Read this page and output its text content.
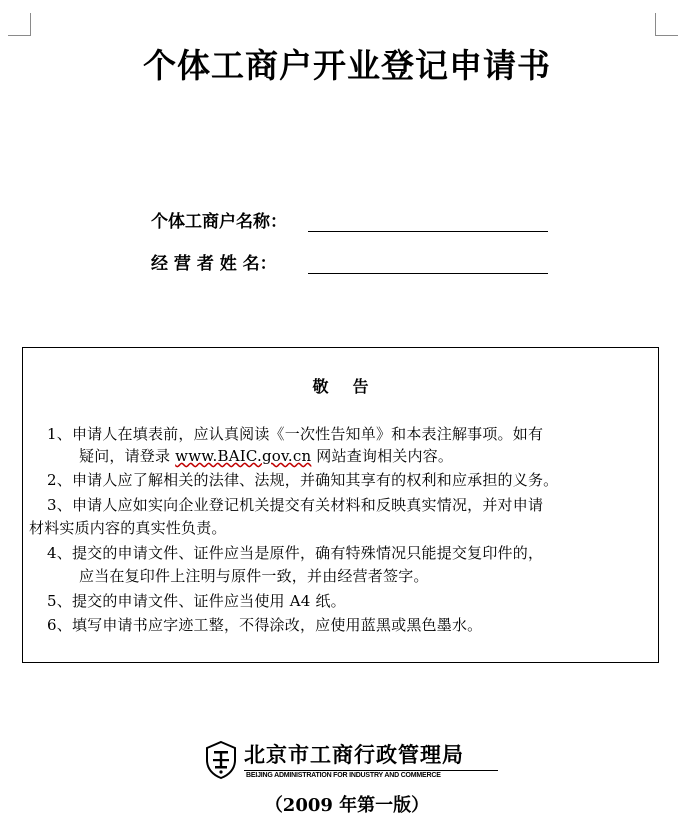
个体工商户开业登记申请书
个体工商户名称：
经 营 者 姓 名：
敬告
1、申请人在填表前，应认真阅读《一次性告知单》和本表注解事项。如有
疑问，请登录 www.BAIC.gov.cn 网站查询相关内容。
2、申请人应了解相关的法律、法规，并确知其享有的权利和应承担的义务。
3、申请人应如实向企业登记机关提交有关材料和反映真实情况，并对申请
材料实质内容的真实性负责。
4、提交的申请文件、证件应当是原件，确有特殊情况只能提交复印件的，
应当在复印件上注明与原件一致，并由经营者签字。
5、提交的申请文件、证件应当使用 A4 纸。
6、填写申请书应字迹工整，不得涂改，应使用蓝黑或黑色墨水。
北京市工商行政管理局
BEIJING ADMINISTRATION FOR INDUSTRY AND COMMERCE
（2009 年第一版）
